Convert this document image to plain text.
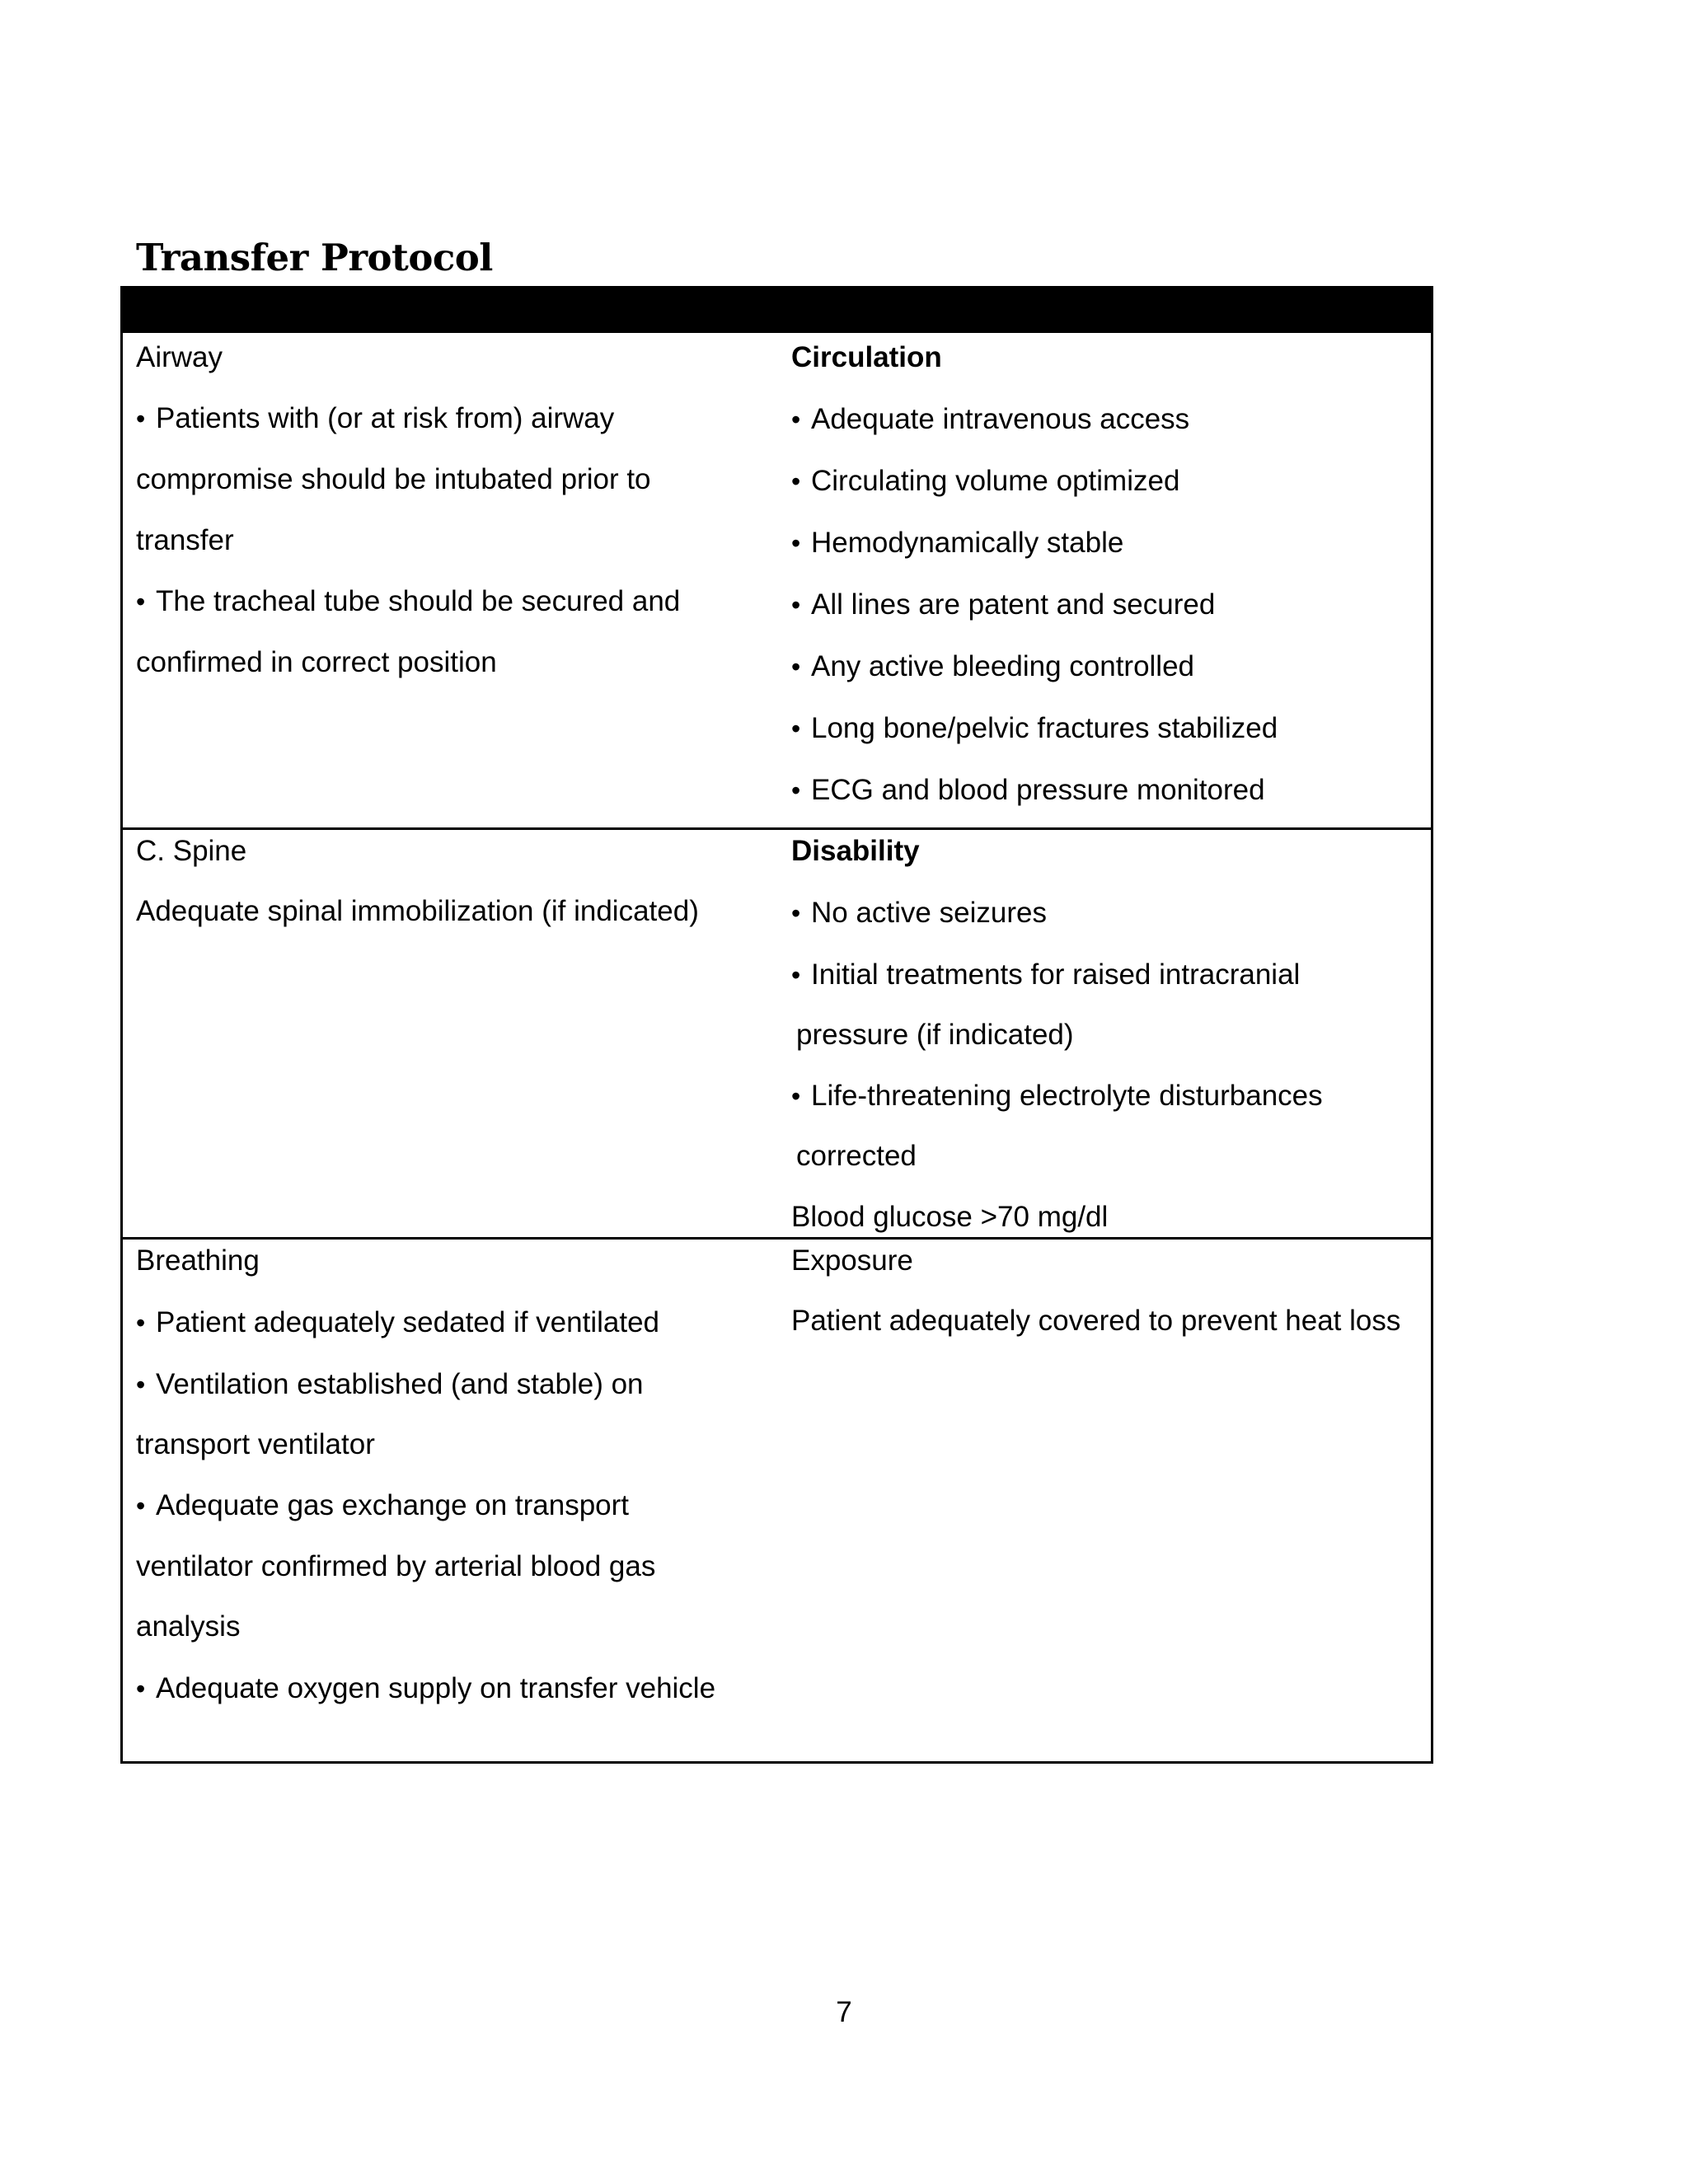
Transfer Protocol
Airway
• Patients with (or at risk from) airway
compromise should be intubated prior to
transfer
• The tracheal tube should be secured and
confirmed in correct position
Circulation
• Adequate intravenous access
• Circulating volume optimized
• Hemodynamically stable
• All lines are patent and secured
• Any active bleeding controlled
• Long bone/pelvic fractures stabilized
• ECG and blood pressure monitored
C. Spine
Adequate spinal immobilization (if indicated)
Disability
• No active seizures
• Initial treatments for raised intracranial
pressure (if indicated)
• Life-threatening electrolyte disturbances
corrected
Blood glucose >70 mg/dl
Breathing
• Patient adequately sedated if ventilated
• Ventilation established (and stable) on
transport ventilator
• Adequate gas exchange on transport
ventilator confirmed by arterial blood gas
analysis
• Adequate oxygen supply on transfer vehicle
Exposure
Patient adequately covered to prevent heat loss
7
